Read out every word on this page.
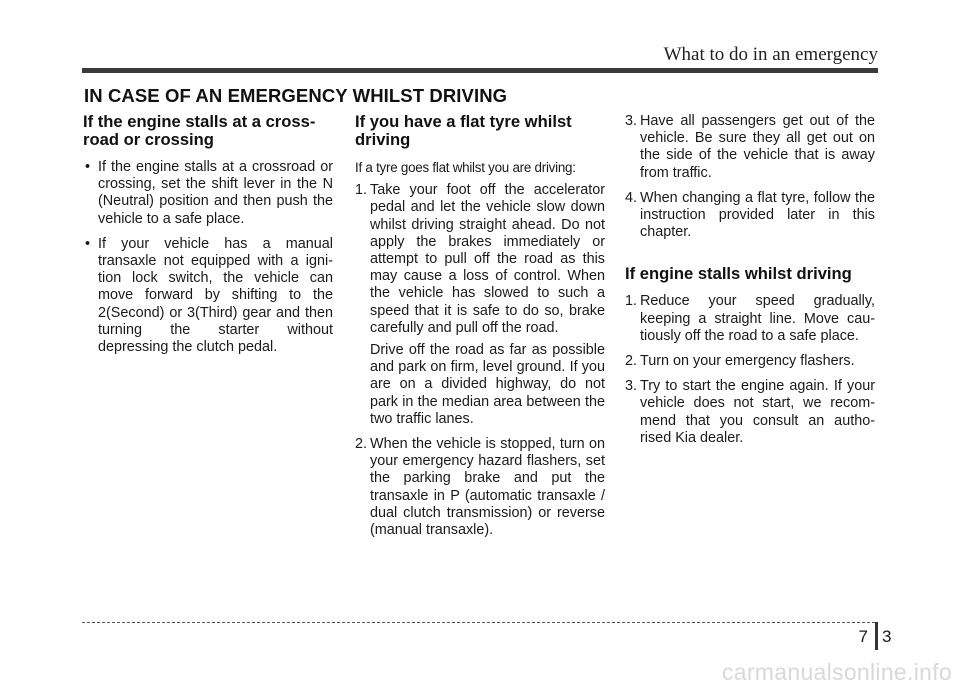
What to do in an emergency
IN CASE OF AN EMERGENCY WHILST DRIVING
If the engine stalls at a cross-road or crossing
• If the engine stalls at a crossroad or crossing, set the shift lever in the N (Neutral) position and then push the vehicle to a safe place.
• If your vehicle has a manual transaxle not equipped with a igni-tion lock switch, the vehicle can move forward by shifting to the 2(Second) or 3(Third) gear and then turning the starter without depressing the clutch pedal.
If you have a flat tyre whilst driving

If a tyre goes flat whilst you are driving:

1. Take your foot off the accelerator pedal and let the vehicle slow down whilst driving straight ahead. Do not apply the brakes immediately or attempt to pull off the road as this may cause a loss of control. When the vehicle has slowed to such a speed that it is safe to do so, brake carefully and pull off the road.
Drive off the road as far as possible and park on firm, level ground. If you are on a divided highway, do not park in the median area between the two traffic lanes.
2. When the vehicle is stopped, turn on your emergency hazard flashers, set the parking brake and put the transaxle in P (automatic transaxle / dual clutch transmission) or reverse (manual transaxle).
3. Have all passengers get out of the vehicle. Be sure they all get out on the side of the vehicle that is away from traffic.
4. When changing a flat tyre, follow the instruction provided later in this chapter.
If engine stalls whilst driving
1. Reduce your speed gradually, keeping a straight line. Move cau-tiously off the road to a safe place.
2. Turn on your emergency flashers.
3. Try to start the engine again. If your vehicle does not start, we recom-mend that you consult an autho-rised Kia dealer.
7 3
carmanualsonline.info
